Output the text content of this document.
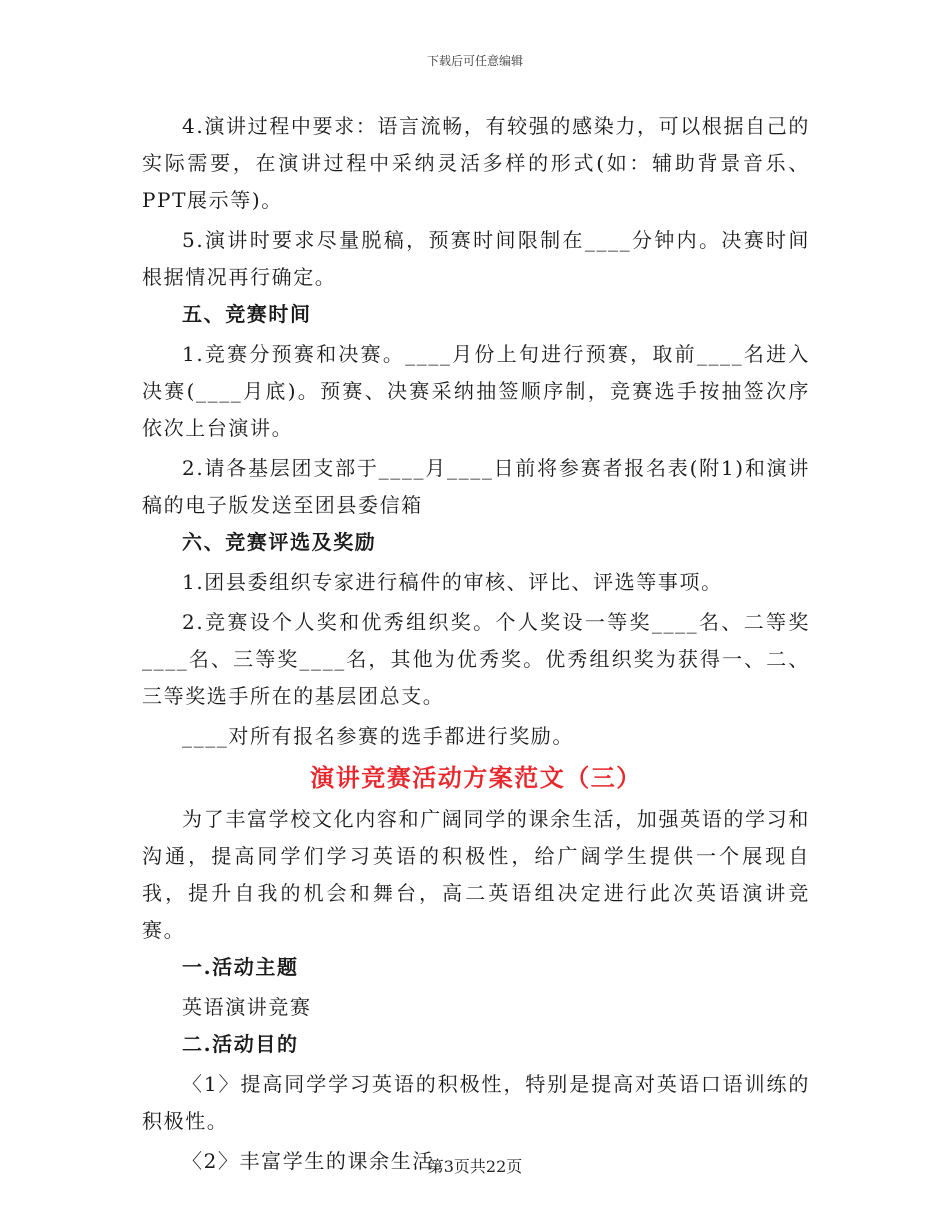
下载后可任意编辑

4.演讲过程中要求：语言流畅，有较强的感染力，可以根据自己的实际需要，在演讲过程中采纳灵活多样的形式(如：辅助背景音乐、PPT展示等)。

5.演讲时要求尽量脱稿，预赛时间限制在____分钟内。决赛时间根据情况再行确定。

五、竞赛时间

1.竞赛分预赛和决赛。____月份上旬进行预赛，取前____名进入决赛(____月底)。预赛、决赛采纳抽签顺序制，竞赛选手按抽签次序依次上台演讲。

2.请各基层团支部于____月____日前将参赛者报名表(附1)和演讲稿的电子版发送至团县委信箱

六、竞赛评选及奖励

1.团县委组织专家进行稿件的审核、评比、评选等事项。

2.竞赛设个人奖和优秀组织奖。个人奖设一等奖____名、二等奖____名、三等奖____名，其他为优秀奖。优秀组织奖为获得一、二、三等奖选手所在的基层团总支。

____对所有报名参赛的选手都进行奖励。

演讲竞赛活动方案范文（三）

为了丰富学校文化内容和广阔同学的课余生活，加强英语的学习和沟通，提高同学们学习英语的积极性，给广阔学生提供一个展现自我，提升自我的机会和舞台，高二英语组决定进行此次英语演讲竞赛。

一.活动主题

英语演讲竞赛

二.活动目的

〈1〉提高同学学习英语的积极性，特别是提高对英语口语训练的积极性。

〈2〉丰富学生的课余生活。

第3页共22页
